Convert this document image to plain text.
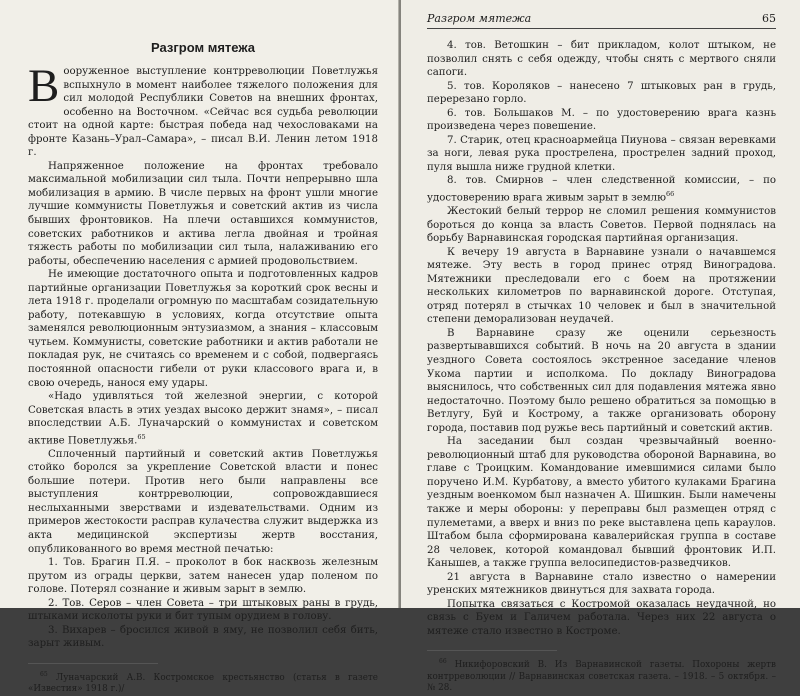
Разгром мятежа

Вооруженное выступление контрреволюции Поветлужья вспыхнуло в момент наиболее тяжелого положения для сил молодой Республики Советов на внешних фронтах, особенно на Восточном. «Сейчас вся судьба революции стоит на одной карте: быстрая победа над чехословаками на фронте Казань–Урал–Самара», – писал В.И. Ленин летом 1918 г.

Напряженное положение на фронтах требовало максимальной мобилизации сил тыла. Почти непрерывно шла мобилизация в армию. В числе первых на фронт ушли многие лучшие коммунисты Поветлужья и советский актив из числа бывших фронтовиков. На плечи оставшихся коммунистов, советских работников и актива легла двойная и тройная тяжесть работы по мобилизации сил тыла, налаживанию его работы, обеспечению населения с армией продовольствием.

Не имеющие достаточного опыта и подготовленных кадров партийные организации Поветлужья за короткий срок весны и лета 1918 г. проделали огромную по масштабам созидательную работу, потекавшую в условиях, когда отсутствие опыта заменялся революционным энтузиазмом, а знания – классовым чутьем. Коммунисты, советские работники и актив работали не покладая рук, не считаясь со временем и с собой, подвергаясь постоянной опасности гибели от руки классового врага и, в свою очередь, нанося ему удары.

«Надо удивляться той железной энергии, с которой Советская власть в этих уездах высоко держит знамя», – писал впоследствии А.Б. Луначарский о коммунистах и советском активе Поветлужья.$^{65}$

Сплоченный партийный и советский актив Поветлужья стойко боролся за укрепление Советской власти и понес большие потери. Против него были направлены все выступления контрреволюции, сопровождавшиеся неслыханными зверствами и издевательствами. Одним из примеров жестокости расправ кулачества служит выдержка из акта медицинской экспертизы жертв восстания, опубликованного во время местной печатью:

1. Тов. Брагин П.Я. – проколот в бок насквозь железным прутом из ограды церкви, затем нанесен удар поленом по голове. Потерял сознание и живым зарыт в землю.

2. Тов. Серов – член Совета – три штыковых раны в грудь, штыками исколоты руки и бит тупым орудием в голову.

3. Вихарев – бросился живой в яму, не позволил себя бить, зарыт живым.

$^{65}$ Луначарский А.В. Костромское крестьянство (статья в газете «Известия» 1918 г.)/

Разгром мятежа	65

4. тов. Ветошкин – бит прикладом, колот штыком, не позволил снять с себя одежду, чтобы снять с мертвого сняли сапоги.

5. тов. Короляков – нанесено 7 штыковых ран в грудь, перерезано горло.

6. тов. Большаков М. – по удостоверению врага казнь произведена через повешение.

7. Старик, отец красноармейца Пиунова – связан веревками за ноги, левая рука прострелена, прострелен задний проход, пуля вышла ниже грудной клетки.

8. тов. Смирнов – член следственной комиссии, – по удостоверению врага живым зарыт в землю$^{66}$

Жестокий белый террор не сломил решения коммунистов бороться до конца за власть Советов. Первой поднялась на борьбу Варнавинская городская партийная организация.

К вечеру 19 августа в Варнавине узнали о начавшемся мятеже. Эту весть в город принес отряд Виноградова. Мятежники преследовали его с боем на протяжении нескольких километров по варнавинской дороге. Отступая, отряд потерял в стычках 10 человек и был в значительной степени деморализован неудачей.

В Варнавине сразу же оценили серьезность развертывавшихся событий. В ночь на 20 августа в здании уездного Совета состоялось экстренное заседание членов Укома партии и исполкома. По докладу Виноградова выяснилось, что собственных сил для подавления мятежа явно недостаточно. Поэтому было решено обратиться за помощью в Ветлугу, Буй и Кострому, а также организовать оборону города, поставив под ружье весь партийный и советский актив.

На заседании был создан чрезвычайный военно-революционный штаб для руководства обороной Варнавина, во главе с Троицким. Командование имевшимися силами было поручено И.М. Курбатову, а вместо убитого кулаками Брагина уездным военкомом был назначен А. Шишкин. Были намечены также и меры обороны: у переправы был размещен отряд с пулеметами, а вверх и вниз по реке выставлена цепь караулов. Штабом была сформирована кавалерийская группа в составе 28 человек, которой командовал бывший фронтовик И.П. Канышев, а также группа велосипедистов-разведчиков.

21 августа в Варнавине стало известно о намерении уренских мятежников двинуться для захвата города.

Попытка связаться с Костромой оказалась неудачной, но связь с Буем и Галичем работала. Через них 22 августа о мятеже стало известно в Костроме.

$^{66}$ Никифоровский В. Из Варнавинской газеты. Похороны жертв контрреволюции // Варнавинская советская газета. – 1918. – 5 октября. – № 28.
